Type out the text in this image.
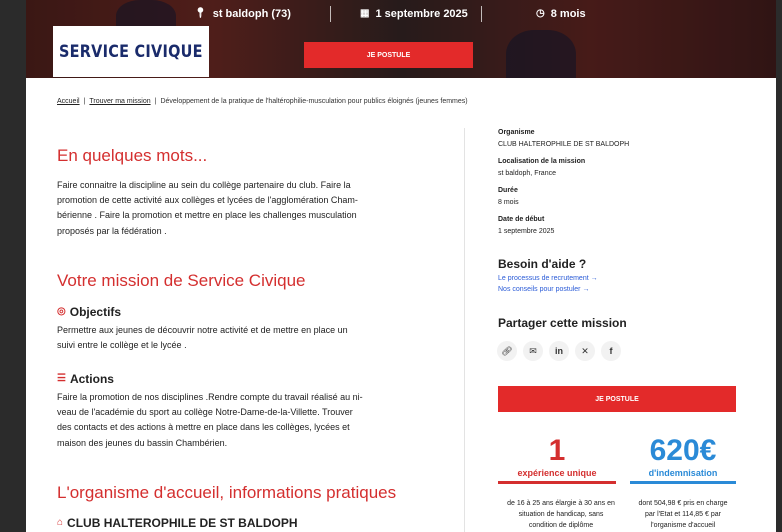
📍︎ st baldoph (73)	▦ 1 septembre 2025	◷ 8 mois
JE POSTULE
SERVICE CIVIQUE
Accueil | Trouver ma mission | Développement de la pratique de l'haltérophilie-musculation pour publics éloignés (jeunes femmes)
En quelques mots...
Faire connaitre la discipline au sein du collège partenaire du club. Faire la
promotion de cette activité aux collèges et lycées de l'agglomération Cham-
bérienne . Faire la promotion et mettre en place les challenges musculation
proposés par la fédération .
Votre mission de Service Civique
◎ Objectifs
Permettre aux jeunes de découvrir notre activité et de mettre en place un
suivi entre le collège et le lycée .
☰ Actions
Faire la promotion de nos disciplines .Rendre compte du travail réalisé au ni-
veau de l'académie du sport au collège Notre-Dame-de-la-Villette. Trouver
des contacts et des actions à mettre en place dans les collèges, lycées et
maison des jeunes du bassin Chambérien.
L'organisme d'accueil, informations pratiques
⌂ CLUB HALTEROPHILE DE ST BALDOPH
Organisme
CLUB HALTEROPHILE DE ST BALDOPH
Localisation de la mission
st baldoph, France
Durée
8 mois
Date de début
1 septembre 2025
Besoin d'aide ?
Le processus de recrutement →
Nos conseils pour postuler →
Partager cette mission
🔗︎ ✉ in ✕ f
JE POSTULE
1
expérience unique
de 16 à 25 ans élargie à 30 ans en
situation de handicap, sans
condition de diplôme
620€
d'indemnisation
dont 504,98 € pris en charge
par l'Etat et 114,85 € par
l'organisme d'accueil
